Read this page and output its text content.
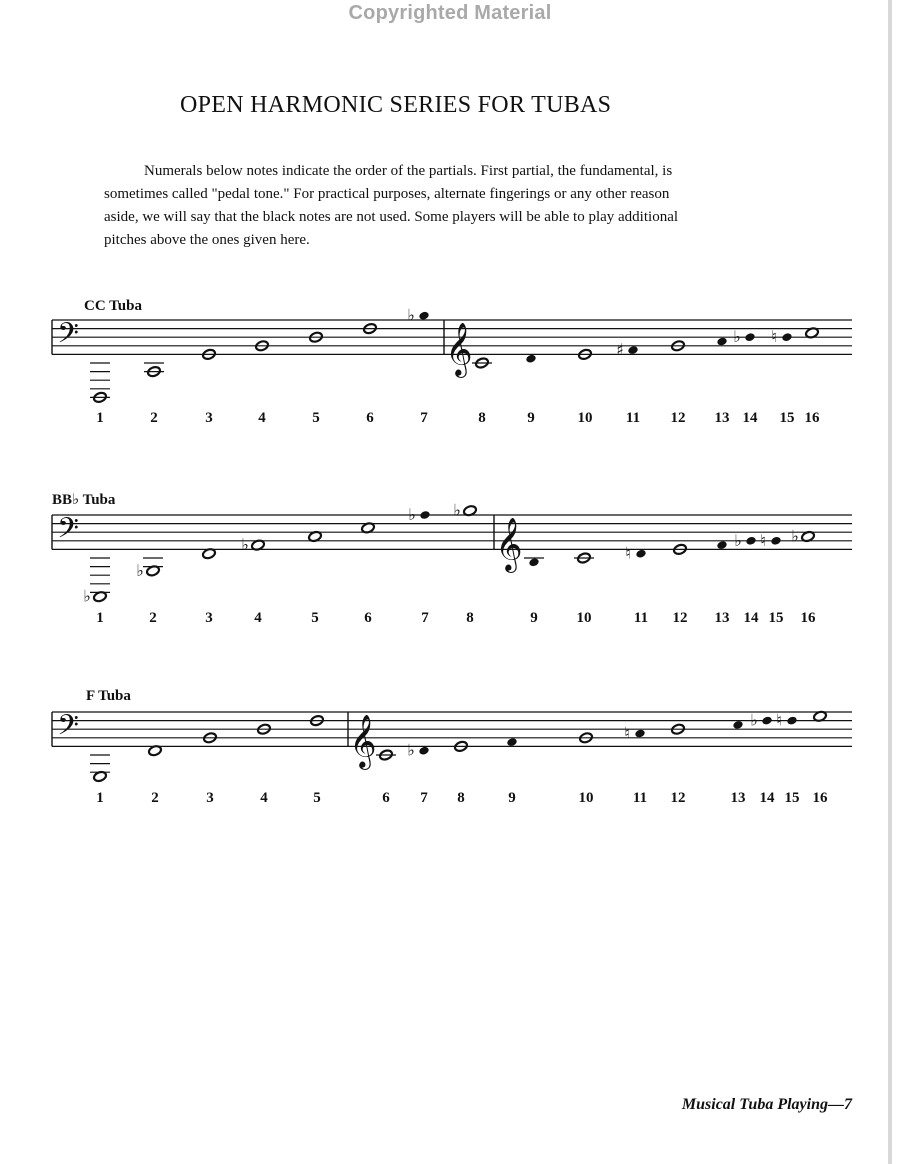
Copyrighted Material
OPEN HARMONIC SERIES FOR TUBAS

Numerals below notes indicate the order of the partials. First partial, the fundamental, is sometimes called "pedal tone." For practical purposes, alternate fingerings or any other reason aside, we will say that the black notes are not used. Some players will be able to play additional pitches above the ones given here.

CC Tuba
𝄢	𝄞
♭
♯
♭ ♮
1	2	3	4	5	6	7	8	9	10	11	12	13 14	15 16
BB♭ Tuba
𝄢	𝄞
♭
♭
♭
♭ ♭
♮
♭ ♮ ♭
1	2	3	4	5	6	7	8	9	10	11	12	13 14 15	16
F Tuba
𝄢	𝄞 ♭
♮
♭ ♮
1	2	3	4	5	6	7	8	9	10	11	12	13 14 15 16
Musical Tuba Playing—7
